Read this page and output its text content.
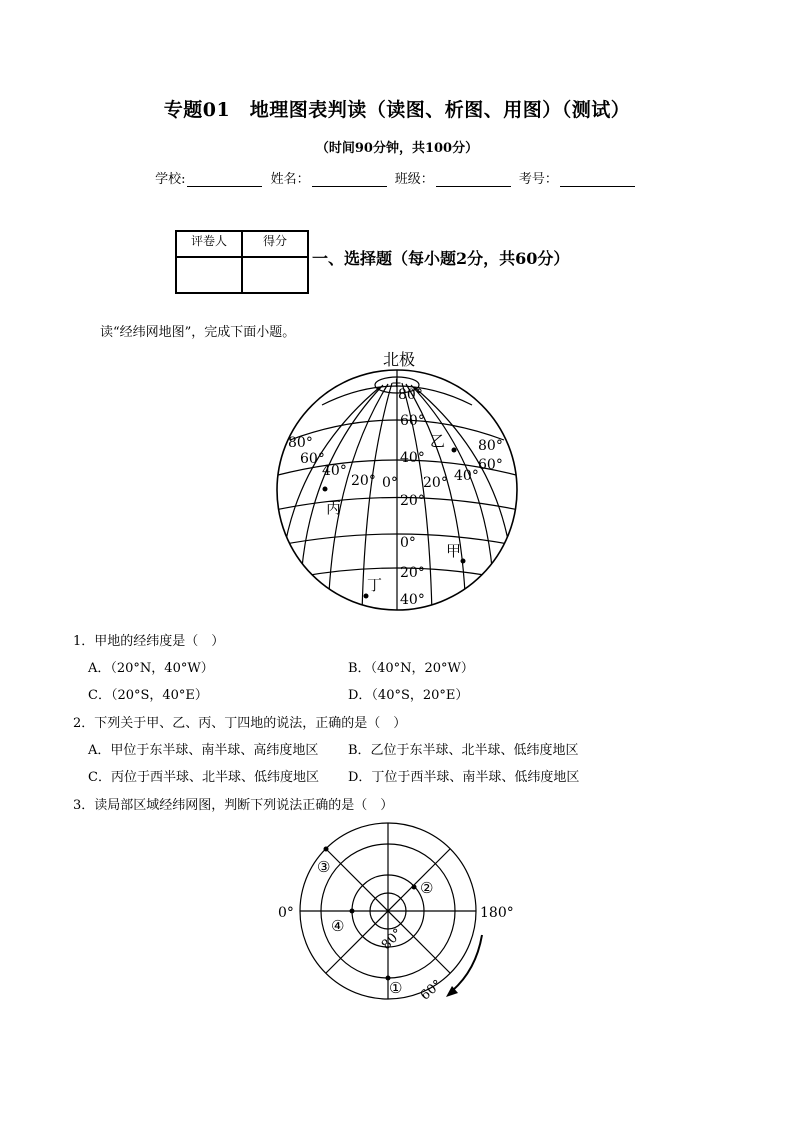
专题01　地理图表判读（读图、析图、用图）（测试）
（时间90分钟，共100分）
学校:	姓名：	班级：	考号：
评卷人	得分

一、选择题（每小题2分，共60分）
读“经纬网地图”，完成下面小题。
北极
+
80°
60°
40°
20°
0°
20°
40°
80°
60°
40°
20° 0°
80°
60°
40°
20°
甲
乙
丙
丁
1．甲地的经纬度是（　）
A．（20°N，40°W）	B．（40°N，20°W）
C．（20°S，40°E）	D．（40°S，20°E）
2．下列关于甲、乙、丙、丁四地的说法，正确的是（　）
A．甲位于东半球、南半球、高纬度地区 B．乙位于东半球、北半球、低纬度地区
C．丙位于西半球、北半球、低纬度地区 D．丁位于西半球、南半球、低纬度地区
3．读局部区域经纬网图，判断下列说法正确的是（　）
0°	180°
80°
60°
①
②
③
④
